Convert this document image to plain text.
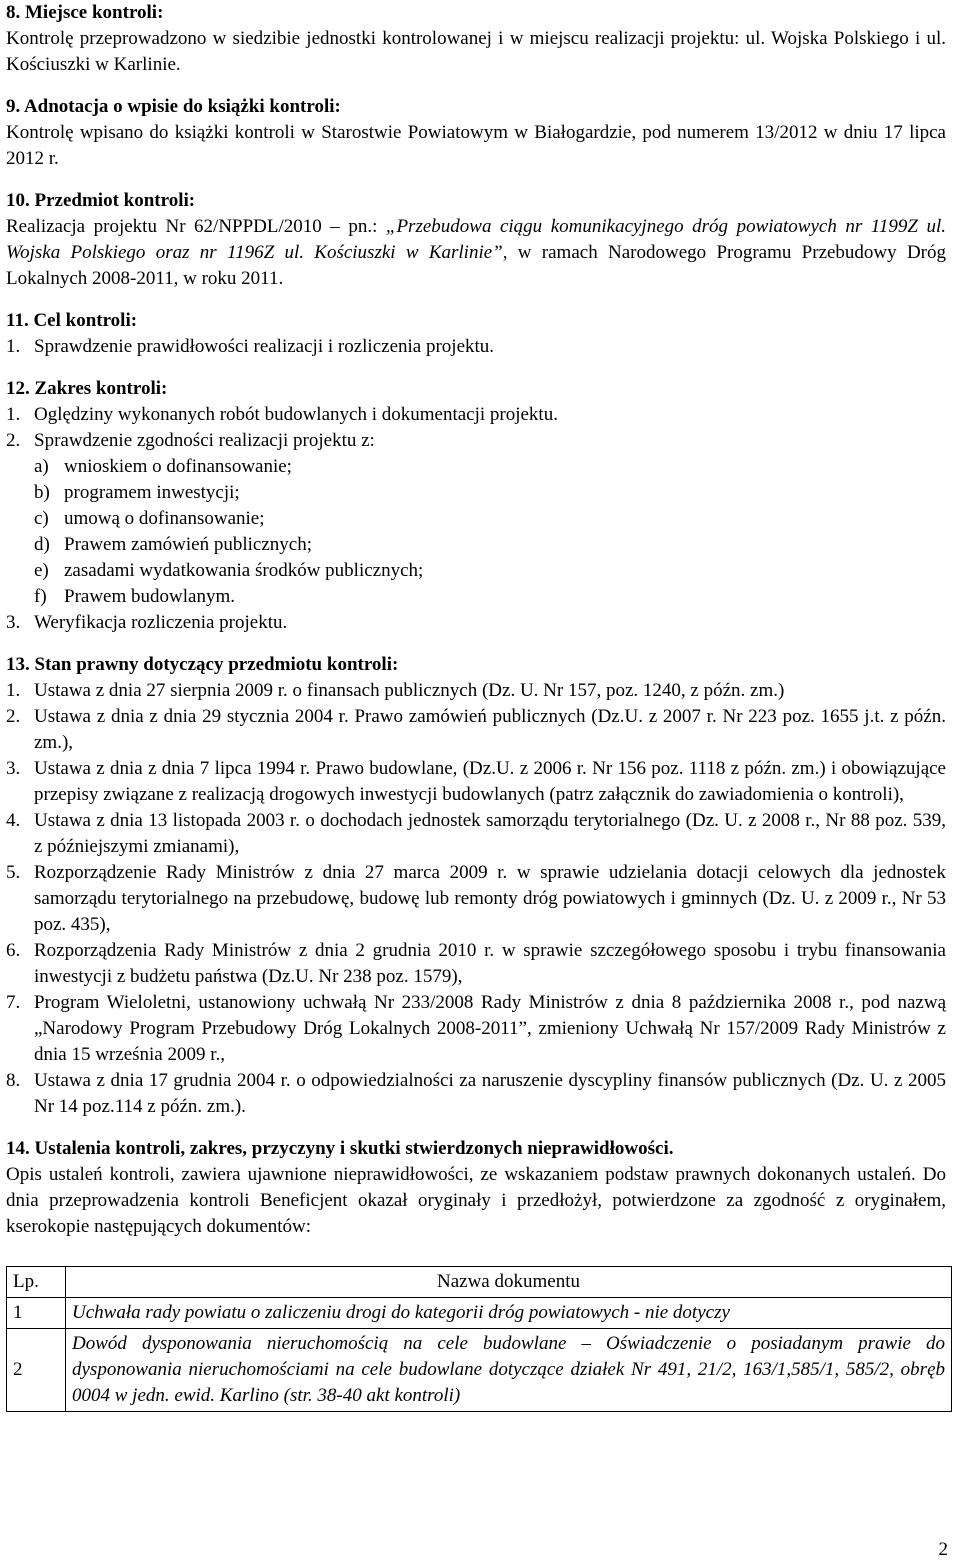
8. Miejsce kontroli:

Kontrolę przeprowadzono w siedzibie jednostki kontrolowanej i w miejscu realizacji projektu: ul. Wojska Polskiego i ul. Kościuszki w Karlinie.

9. Adnotacja o wpisie do książki kontroli:

Kontrolę wpisano do książki kontroli w Starostwie Powiatowym w Białogardzie, pod numerem 13/2012 w dniu 17 lipca 2012 r.

10. Przedmiot kontroli:

Realizacja projektu Nr 62/NPPDL/2010 – pn.: „Przebudowa ciągu komunikacyjnego dróg powiatowych nr 1199Z ul. Wojska Polskiego oraz nr 1196Z ul. Kościuszki w Karlinie”, w ramach Narodowego Programu Przebudowy Dróg Lokalnych 2008-2011, w roku 2011.

11. Cel kontroli:
1. Sprawdzenie prawidłowości realizacji i rozliczenia projektu.
12. Zakres kontroli:
1. Oględziny wykonanych robót budowlanych i dokumentacji projektu.
2. Sprawdzenie zgodności realizacji projektu z:
a) wnioskiem o dofinansowanie;
b) programem inwestycji;
c) umową o dofinansowanie;
d) Prawem zamówień publicznych;
e) zasadami wydatkowania środków publicznych;
f) Prawem budowlanym.
3. Weryfikacja rozliczenia projektu.
13. Stan prawny dotyczący przedmiotu kontroli:
1. Ustawa z dnia 27 sierpnia 2009 r. o finansach publicznych (Dz. U. Nr 157, poz. 1240, z późn. zm.)
2. Ustawa z dnia z dnia 29 stycznia 2004 r. Prawo zamówień publicznych (Dz.U. z 2007 r. Nr 223 poz. 1655 j.t. z późn. zm.),
3. Ustawa z dnia z dnia 7 lipca 1994 r. Prawo budowlane, (Dz.U. z 2006 r. Nr 156 poz. 1118 z późn. zm.) i obowiązujące przepisy związane z realizacją drogowych inwestycji budowlanych (patrz załącznik do zawiadomienia o kontroli),
4. Ustawa z dnia 13 listopada 2003 r. o dochodach jednostek samorządu terytorialnego (Dz. U. z 2008 r., Nr 88 poz. 539, z późniejszymi zmianami),
5. Rozporządzenie Rady Ministrów z dnia 27 marca 2009 r. w sprawie udzielania dotacji celowych dla jednostek samorządu terytorialnego na przebudowę, budowę lub remonty dróg powiatowych i gminnych (Dz. U. z 2009 r., Nr 53 poz. 435),
6. Rozporządzenia Rady Ministrów z dnia 2 grudnia 2010 r. w sprawie szczegółowego sposobu i trybu finansowania inwestycji z budżetu państwa (Dz.U. Nr 238 poz. 1579),
7. Program Wieloletni, ustanowiony uchwałą Nr 233/2008 Rady Ministrów z dnia 8 października 2008 r., pod nazwą „Narodowy Program Przebudowy Dróg Lokalnych 2008-2011”, zmieniony Uchwałą Nr 157/2009 Rady Ministrów z dnia 15 września 2009 r.,
8. Ustawa z dnia 17 grudnia 2004 r. o odpowiedzialności za naruszenie dyscypliny finansów publicznych (Dz. U. z 2005 Nr 14 poz.114 z późn. zm.).
14. Ustalenia kontroli, zakres, przyczyny i skutki stwierdzonych nieprawidłowości.

Opis ustaleń kontroli, zawiera ujawnione nieprawidłowości, ze wskazaniem podstaw prawnych dokonanych ustaleń. Do dnia przeprowadzenia kontroli Beneficjent okazał oryginały i przedłożył, potwierdzone za zgodność z oryginałem, kserokopie następujących dokumentów:

Lp.	Nazwa dokumentu
1	Uchwała rady powiatu o zaliczeniu drogi do kategorii dróg powiatowych - nie dotyczy
2	Dowód dysponowania nieruchomością na cele budowlane – Oświadczenie o posiadanym prawie do dysponowania nieruchomościami na cele budowlane dotyczące działek Nr 491, 21/2, 163/1,585/1, 585/2, obręb 0004 w jedn. ewid. Karlino (str. 38-40 akt kontroli)
2
